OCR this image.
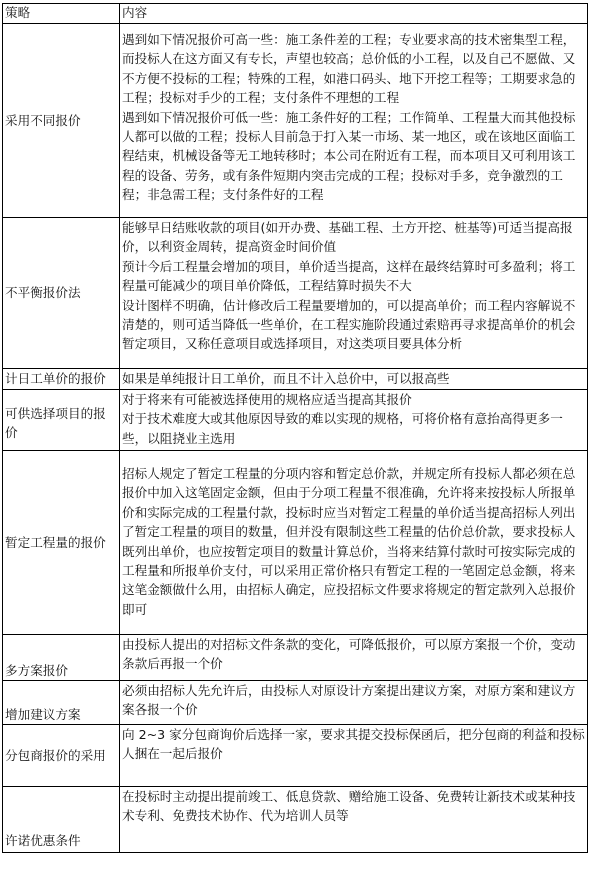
策略	内容
采用不同报价	遇到如下情况报价可高一些：施工条件差的工程；专业要求高的技术密集型工程，而投标人在这方面又有专长，声望也较高；总价低的小工程，以及自己不愿做、又不方便不投标的工程；特殊的工程，如港口码头、地下开挖工程等；工期要求急的工程；投标对手少的工程；支付条件不理想的工程
遇到如下情况报价可低一些：施工条件好的工程；工作简单、工程量大而其他投标人都可以做的工程；投标人目前急于打入某一市场、某一地区，或在该地区面临工程结束，机械设备等无工地转移时；本公司在附近有工程，而本项目又可利用该工程的设备、劳务，或有条件短期内突击完成的工程；投标对手多，竞争激烈的工程；非急需工程；支付条件好的工程

不平衡报价法	能够早日结账收款的项目(如开办费、基础工程、土方开挖、桩基等)可适当提高报价，以利资金周转，提高资金时间价值
预计今后工程量会增加的项目，单价适当提高，这样在最终结算时可多盈利；将工程量可能减少的项目单价降低，工程结算时损失不大
设计图样不明确，估计修改后工程量要增加的，可以提高单价；而工程内容解说不清楚的，则可适当降低一些单价，在工程实施阶段通过索赔再寻求提高单价的机会暂定项目，又称任意项目或选择项目，对这类项目要具体分析

计日工单价的报价	如果是单纯报计日工单价，而且不计入总价中，可以报高些

可供选择项目的报价	对于将来有可能被选择使用的规格应适当提高其报价
对于技术难度大或其他原因导致的难以实现的规格，可将价格有意抬高得更多一些，以阻挠业主选用

暂定工程量的报价	招标人规定了暂定工程量的分项内容和暂定总价款，并规定所有投标人都必须在总报价中加入这笔固定金额，但由于分项工程量不很准确，允许将来按投标人所报单价和实际完成的工程量付款，投标时应当对暂定工程量的单价适当提高招标人列出了暂定工程量的项目的数量，但并没有限制这些工程量的估价总价款，要求投标人既列出单价，也应按暂定项目的数量计算总价，当将来结算付款时可按实际完成的工程量和所报单价支付，可以采用正常价格只有暂定工程的一笔固定总金额，将来这笔金额做什么用，由招标人确定，应投招标文件要求将规定的暂定款列入总报价即可

多方案报价	由投标人提出的对招标文件条款的变化，可降低报价，可以原方案报一个价，变动条款后再报一个价

增加建议方案	必须由招标人先允许后，由投标人对原设计方案提出建议方案，对原方案和建议方案各报一个价

分包商报价的采用	向 2~3 家分包商询价后选择一家，要求其提交投标保函后，把分包商的利益和投标人捆在一起后报价

许诺优惠条件	在投标时主动提出提前竣工、低息贷款、赠给施工设备、免费转让新技术或某种技术专利、免费技术协作、代为培训人员等
